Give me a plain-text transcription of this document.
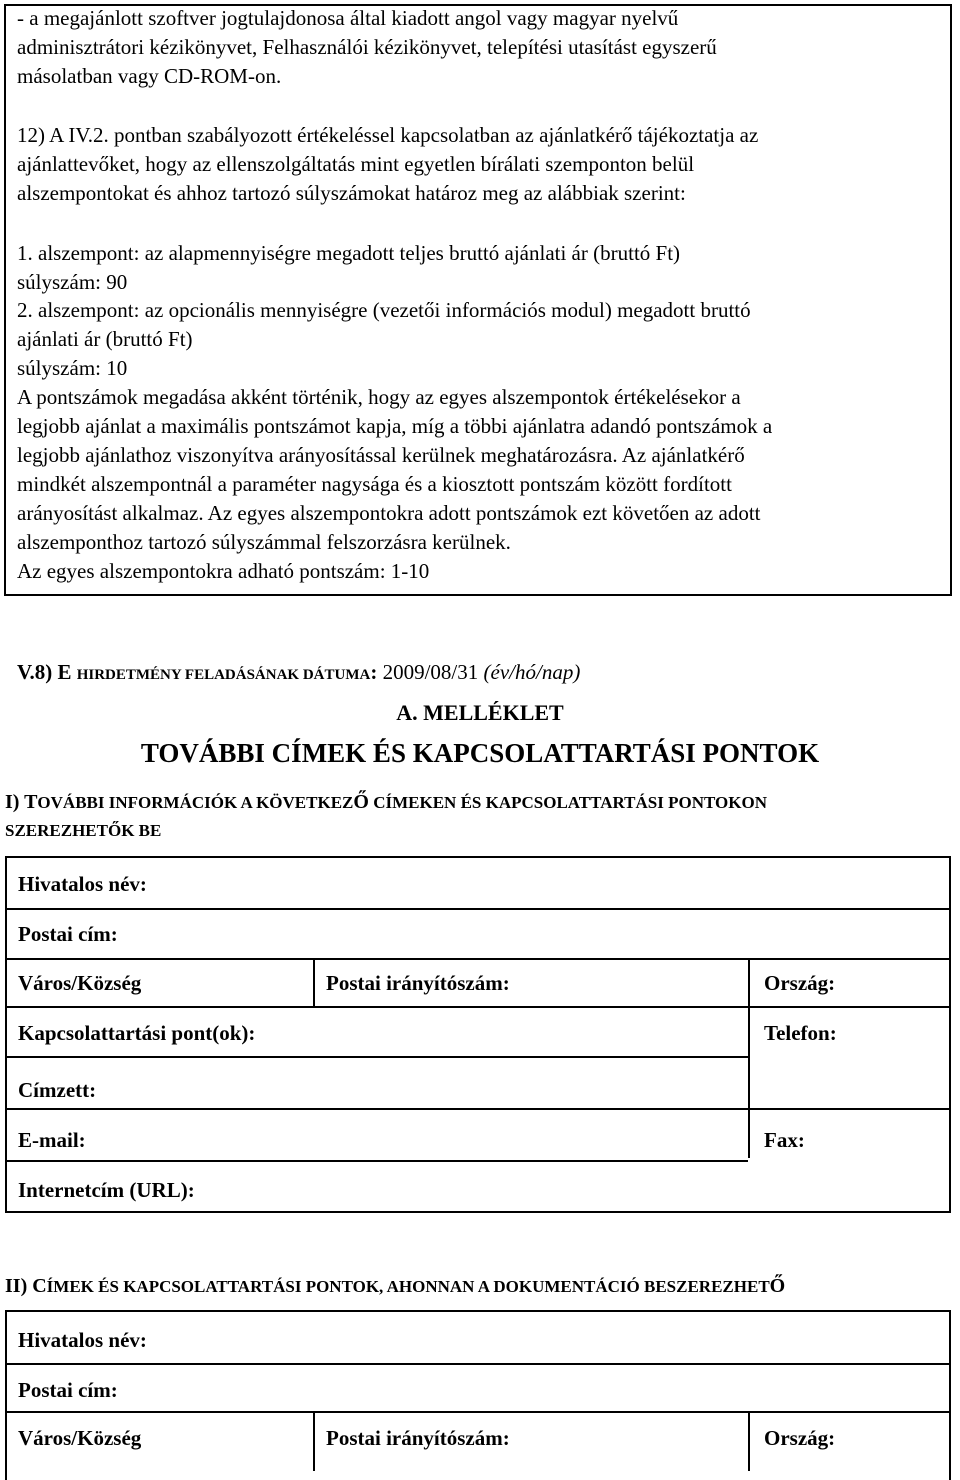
- a megajánlott szoftver jogtulajdonosa által kiadott angol vagy magyar nyelvű
adminisztrátori kézikönyvet, Felhasználói kézikönyvet, telepítési utasítást egyszerű
másolatban vagy CD-ROM-on.
12) A IV.2. pontban szabályozott értékeléssel kapcsolatban az ajánlatkérő tájékoztatja az
ajánlattevőket, hogy az ellenszolgáltatás mint egyetlen bírálati szemponton belül
alszempontokat és ahhoz tartozó súlyszámokat határoz meg az alábbiak szerint:
1. alszempont: az alapmennyiségre megadott teljes bruttó ajánlati ár (bruttó Ft)
súlyszám: 90
2. alszempont: az opcionális mennyiségre (vezetői információs modul) megadott bruttó
ajánlati ár (bruttó Ft)
súlyszám: 10
A pontszámok megadása akként történik, hogy az egyes alszempontok értékelésekor a
legjobb ajánlat a maximális pontszámot kapja, míg a többi ajánlatra adandó pontszámok a
legjobb ajánlathoz viszonyítva arányosítással kerülnek meghatározásra. Az ajánlatkérő
mindkét alszempontnál a paraméter nagysága és a kiosztott pontszám között fordított
arányosítást alkalmaz. Az egyes alszempontokra adott pontszámok ezt követően az adott
alszemponthoz tartozó súlyszámmal felszorzásra kerülnek.
Az egyes alszempontokra adható pontszám: 1-10
V.8) E HIRDETMÉNY FELADÁSÁNAK DÁTUMA: 2009/08/31 (év/hó/nap)
A. MELLÉKLET
TOVÁBBI CÍMEK ÉS KAPCSOLATTARTÁSI PONTOK
I) TOVÁBBI INFORMÁCIÓK A KÖVETKEZŐ CÍMEKEN ÉS KAPCSOLATTARTÁSI PONTOKON
SZEREZHETŐK BE
Hivatalos név:
Postai cím:
Város/Község	Postai irányítószám:	Ország:
Kapcsolattartási pont(ok):	Telefon:
Címzett:
E-mail:	Fax:
Internetcím (URL):
II) CÍMEK ÉS KAPCSOLATTARTÁSI PONTOK, AHONNAN A DOKUMENTÁCIÓ BESZEREZHETŐ
Hivatalos név:
Postai cím:
Város/Község	Postai irányítószám:	Ország:
